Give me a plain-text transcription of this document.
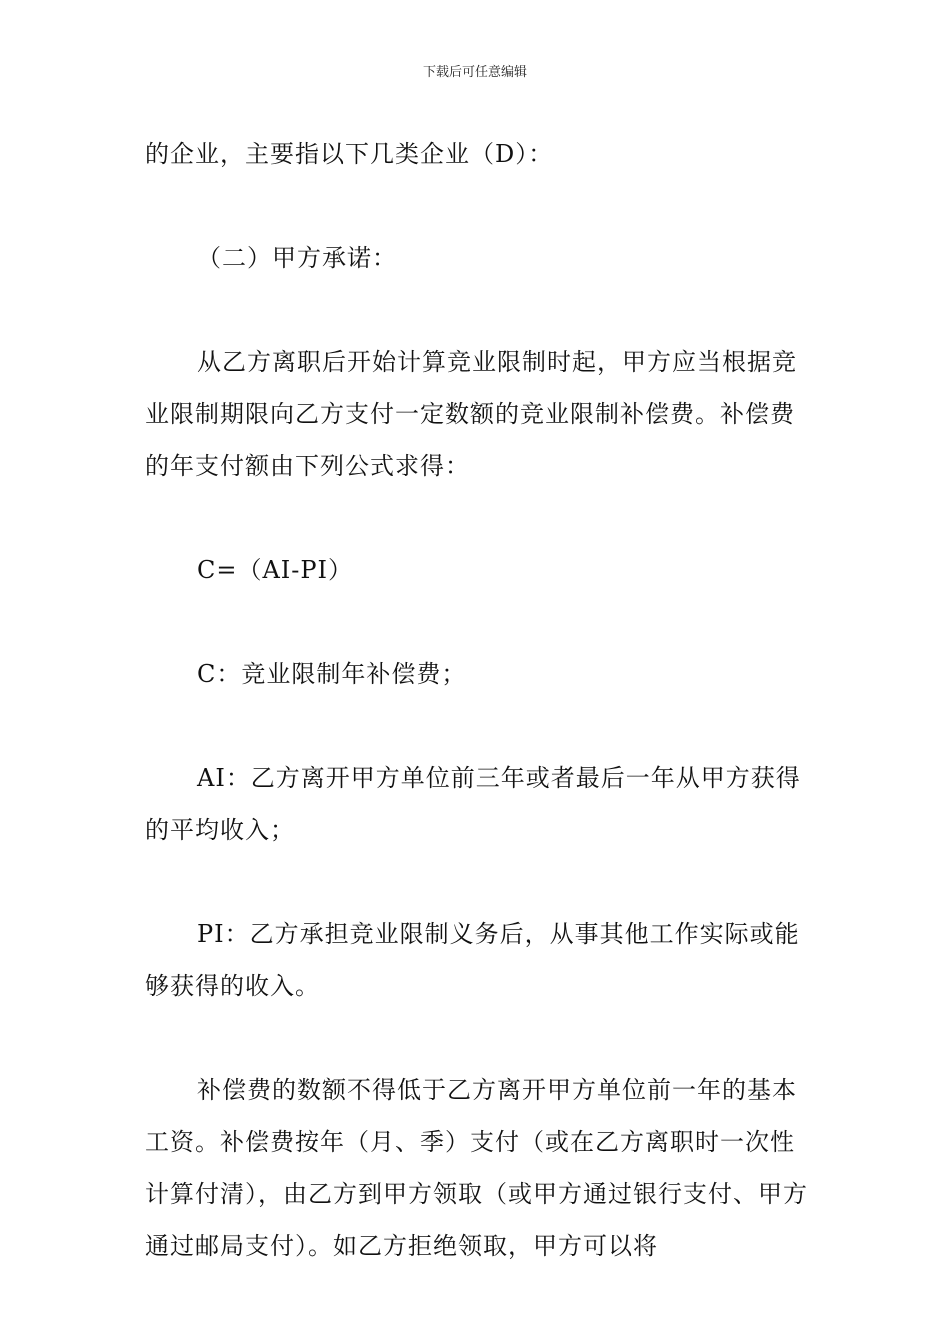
下载后可任意编辑

的企业，主要指以下几类企业（D）：

（二）甲方承诺：

从乙方离职后开始计算竞业限制时起，甲方应当根据竞业限制期限向乙方支付一定数额的竞业限制补偿费。补偿费的年支付额由下列公式求得：

C=（AI-PI）

C：竞业限制年补偿费；

AI：乙方离开甲方单位前三年或者最后一年从甲方获得的平均收入；

PI：乙方承担竞业限制义务后，从事其他工作实际或能够获得的收入。

补偿费的数额不得低于乙方离开甲方单位前一年的基本工资。补偿费按年（月、季）支付（或在乙方离职时一次性计算付清），由乙方到甲方领取（或甲方通过银行支付、甲方通过邮局支付）。如乙方拒绝领取，甲方可以将
